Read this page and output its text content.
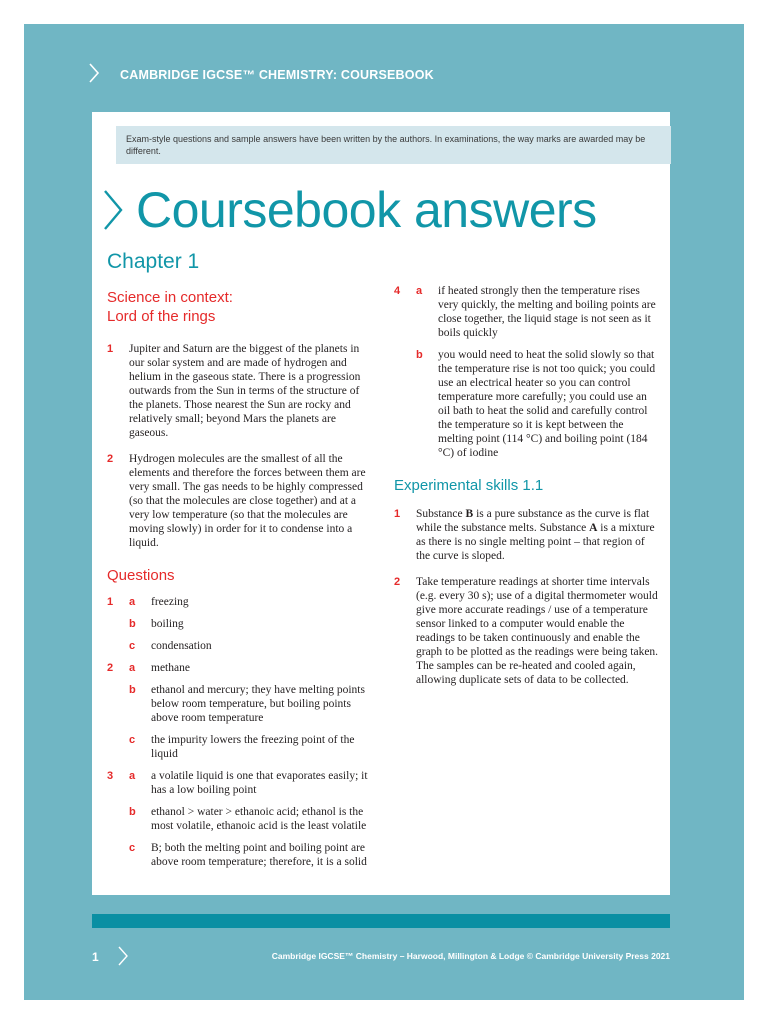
CAMBRIDGE IGCSE™ CHEMISTRY: COURSEBOOK
Exam-style questions and sample answers have been written by the authors. In examinations, the way marks are awarded may be different.
Coursebook answers
Chapter 1

Science in context:

Lord of the rings

1	Jupiter and Saturn are the biggest of the planets in our solar system and are made of hydrogen and helium in the gaseous state. There is a progression outwards from the Sun in terms of the structure of the planets. Those nearest the Sun are rocky and relatively small; beyond Mars the planets are gaseous.
2	Hydrogen molecules are the smallest of all the elements and therefore the forces between them are very small. The gas needs to be highly compressed (so that the molecules are close together) and at a very low temperature (so that the molecules are moving slowly) in order for it to condense into a liquid.

Questions

1	a	freezing
b	boiling
c	condensation
2	a	methane
b	ethanol and mercury; they have melting points below room temperature, but boiling points above room temperature
c	the impurity lowers the freezing point of the liquid
3	a	a volatile liquid is one that evaporates easily; it has a low boiling point
b	ethanol > water > ethanoic acid; ethanol is the most volatile, ethanoic acid is the least volatile
c	B; both the melting point and boiling point are above room temperature; therefore, it is a solid
4	a	if heated strongly then the temperature rises very quickly, the melting and boiling points are close together, the liquid stage is not seen as it boils quickly
b	you would need to heat the solid slowly so that the temperature rise is not too quick; you could use an electrical heater so you can control temperature more carefully; you could use an oil bath to heat the solid and carefully control the temperature so it is kept between the melting point (114 °C) and boiling point (184 °C) of iodine

Experimental skills 1.1

1	Substance B is a pure substance as the curve is flat while the substance melts. Substance A is a mixture as there is no single melting point – that region of the curve is sloped.
2	Take temperature readings at shorter time intervals (e.g. every 30 s); use of a digital thermometer would give more accurate readings / use of a temperature sensor linked to a computer would enable the readings to be taken continuously and enable the graph to be plotted as the readings were being taken. The samples can be re-heated and cooled again, allowing duplicate sets of data to be collected.
1	Cambridge IGCSE™ Chemistry – Harwood, Millington & Lodge © Cambridge University Press 2021
